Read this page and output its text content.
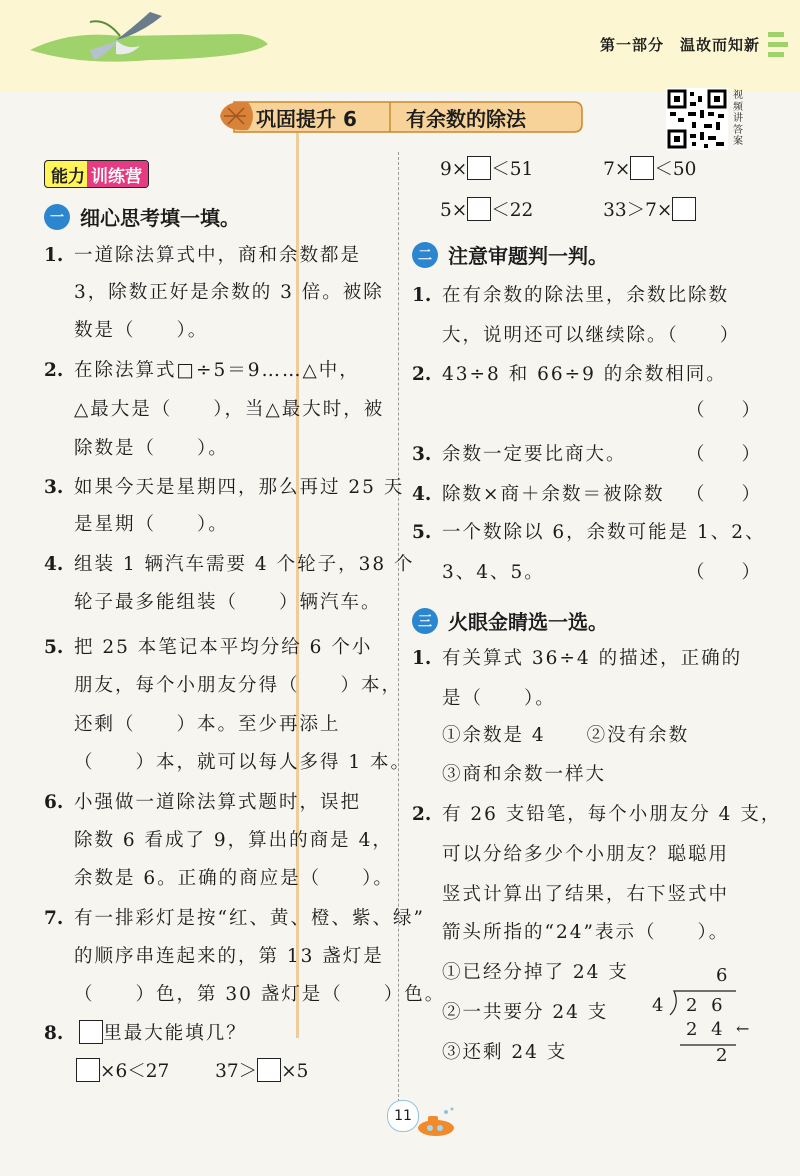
第一部分　温故而知新
巩固提升 6 有余数的除法
视频讲答案
能力 训练营
一 细心思考填一填。
1. 一道除法算式中，商和余数都是
3，除数正好是余数的 3 倍。被除
数是（　　）。
2. 在除法算式□÷5＝9……△中，
△最大是（　　），当△最大时，被
除数是（　　）。
3. 如果今天是星期四，那么再过 25 天
是星期（　　）。
4. 组装 1 辆汽车需要 4 个轮子，38 个
轮子最多能组装（　　）辆汽车。
5. 把 25 本笔记本平均分给 6 个小
朋友，每个小朋友分得（　　）本，
还剩（　　）本。至少再添上
（　　）本，就可以每人多得 1 本。
6. 小强做一道除法算式题时，误把
除数 6 看成了 9，算出的商是 4，
余数是 6。正确的商应是（　　）。
7. 有一排彩灯是按“红、黄、橙、紫、绿”
的顺序串连起来的，第 13 盏灯是
（　　）色，第 30 盏灯是（　　）色。
8. 里最大能填几？
×6＜27 37＞ ×5
9× ＜51	7× ＜50
5× ＜22	33＞7×
二 注意审题判一判。
1. 在有余数的除法里，余数比除数
大，说明还可以继续除。（　　）
2. 43÷8 和 66÷9 的余数相同。
3. 余数一定要比商大。
4. 除数×商＋余数＝被除数
5. 一个数除以 6，余数可能是 1、2、
3、4、5。
（　　）
（　　）
（　　）
（　　）
三 火眼金睛选一选。
1. 有关算式 36÷4 的描述，正确的
是（　　）。
①余数是 4　　②没有余数
③商和余数一样大
2. 有 26 支铅笔，每个小朋友分 4 支，
可以分给多少个小朋友？聪聪用
竖式计算出了结果，右下竖式中
箭头所指的“24”表示（　　）。
①已经分掉了 24 支
②一共要分 24 支
③还剩 24 支
6
4 2 6
2 4
2
←
11
